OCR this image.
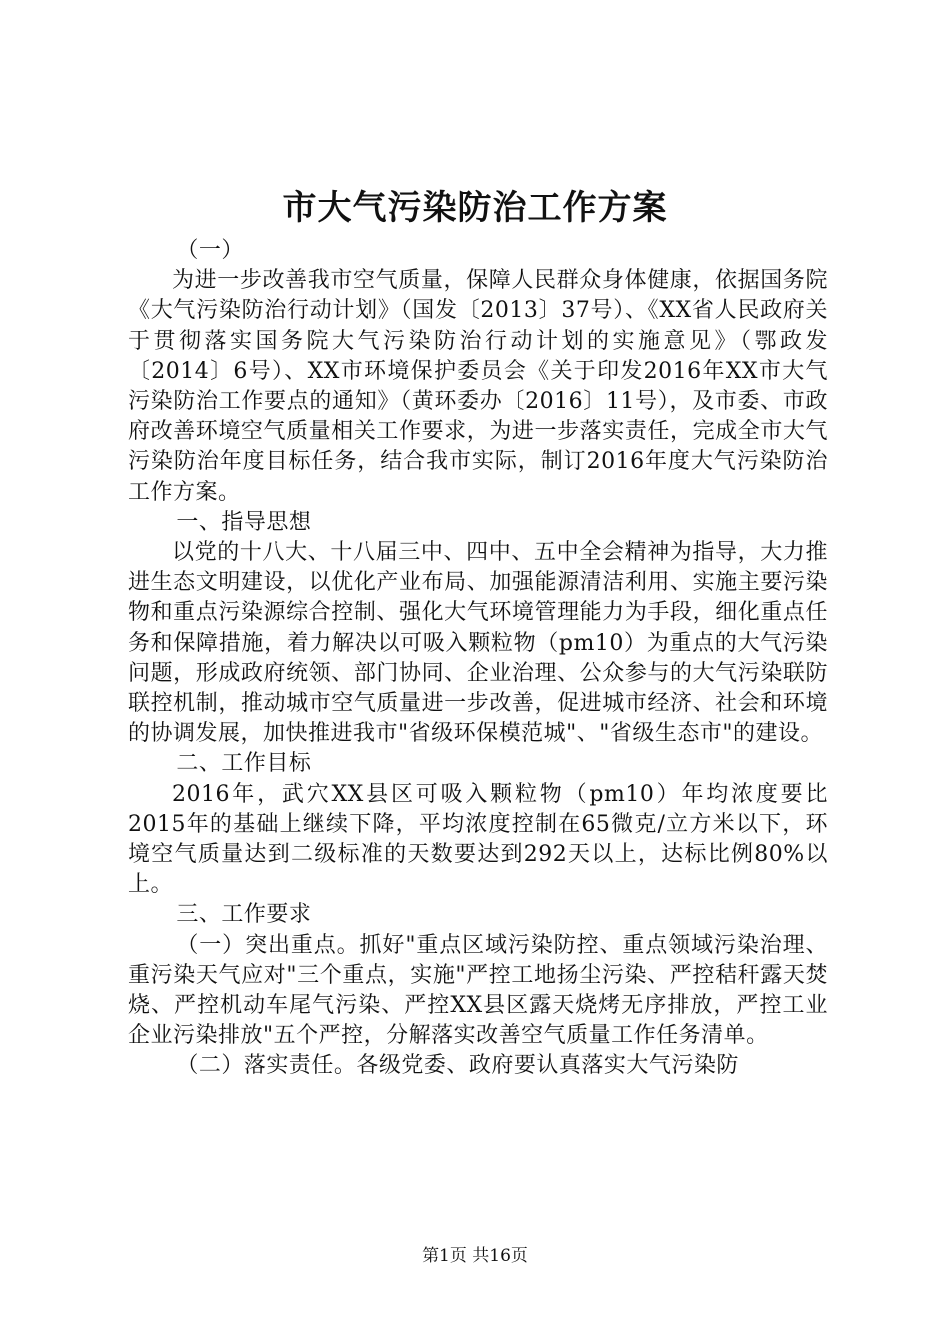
市大气污染防治工作方案

（一）

为进一步改善我市空气质量，保障人民群众身体健康，依据国务院《大气污染防治行动计划》（国发〔2013〕37号）、《XX省人民政府关于贯彻落实国务院大气污染防治行动计划的实施意见》（鄂政发〔2014〕6号）、XX市环境保护委员会《关于印发2016年XX市大气污染防治工作要点的通知》（黄环委办〔2016〕11号），及市委、市政府改善环境空气质量相关工作要求，为进一步落实责任，完成全市大气污染防治年度目标任务，结合我市实际，制订2016年度大气污染防治工作方案。

一、指导思想

以党的十八大、十八届三中、四中、五中全会精神为指导，大力推进生态文明建设，以优化产业布局、加强能源清洁利用、实施主要污染物和重点污染源综合控制、强化大气环境管理能力为手段，细化重点任务和保障措施，着力解决以可吸入颗粒物（pm10）为重点的大气污染问题，形成政府统领、部门协同、企业治理、公众参与的大气污染联防联控机制，推动城市空气质量进一步改善，促进城市经济、社会和环境的协调发展，加快推进我市"省级环保模范城"、"省级生态市"的建设。

二、工作目标

2016年，武穴XX县区可吸入颗粒物（pm10）年均浓度要比2015年的基础上继续下降，平均浓度控制在65微克/立方米以下，环境空气质量达到二级标准的天数要达到292天以上，达标比例80%以上。

三、工作要求

（一）突出重点。抓好"重点区域污染防控、重点领域污染治理、重污染天气应对"三个重点，实施"严控工地扬尘污染、严控秸秆露天焚烧、严控机动车尾气污染、严控XX县区露天烧烤无序排放，严控工业企业污染排放"五个严控，分解落实改善空气质量工作任务清单。

（二）落实责任。各级党委、政府要认真落实大气污染防

第1页 共16页
